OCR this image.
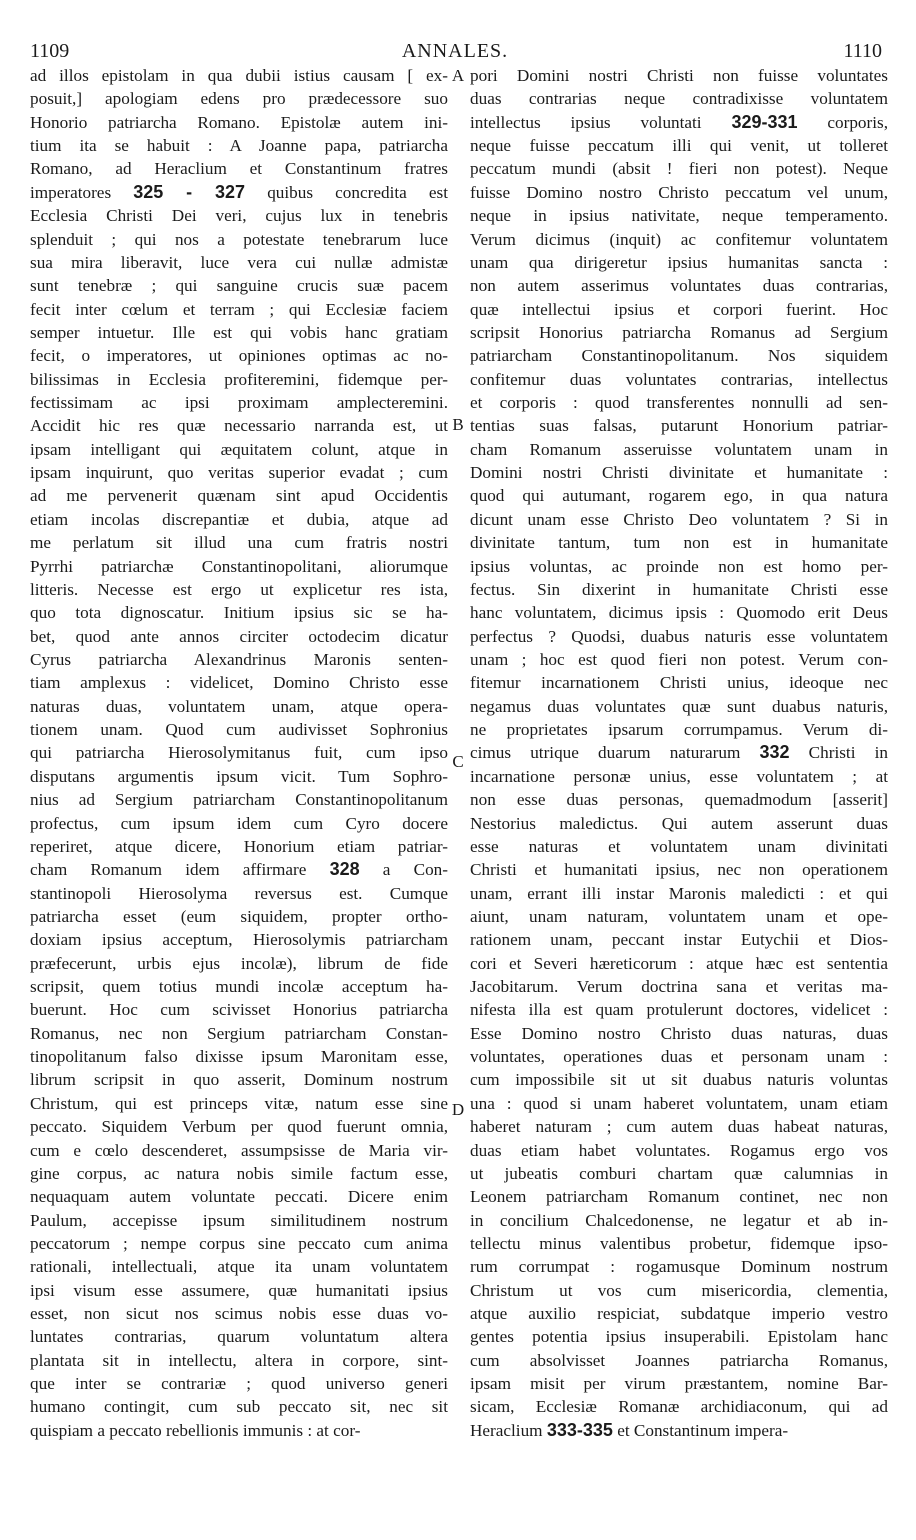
1109	ANNALES.	1110
ad illos epistolam in qua dubii istius causam [ ex-
posuit,] apologiam edens pro prædecessore suo
Honorio patriarcha Romano. Epistolæ autem ini-
tium ita se habuit : A Joanne papa, patriarcha
Romano, ad Heraclium et Constantinum fratres
imperatores 325 - 327 quibus concredita est
Ecclesia Christi Dei veri, cujus lux in tenebris
splenduit ; qui nos a potestate tenebrarum luce
sua mira liberavit, luce vera cui nullæ admistæ
sunt tenebræ ; qui sanguine crucis suæ pacem
fecit inter cœlum et terram ; qui Ecclesiæ faciem
semper intuetur. Ille est qui vobis hanc gratiam
fecit, o imperatores, ut opiniones optimas ac no-
bilissimas in Ecclesia profiteremini, fidemque per-
fectissimam ac ipsi proximam amplecteremini.
Accidit hic res quæ necessario narranda est, ut
ipsam intelligant qui æquitatem colunt, atque in
ipsam inquirunt, quo veritas superior evadat ; cum
ad me pervenerit quænam sint apud Occidentis
etiam incolas discrepantiæ et dubia, atque ad
me perlatum sit illud una cum fratris nostri
Pyrrhi patriarchæ Constantinopolitani, aliorumque
litteris. Necesse est ergo ut explicetur res ista,
quo tota dignoscatur. Initium ipsius sic se ha-
bet, quod ante annos circiter octodecim dicatur
Cyrus patriarcha Alexandrinus Maronis senten-
tiam amplexus : videlicet, Domino Christo esse
naturas duas, voluntatem unam, atque opera-
tionem unam. Quod cum audivisset Sophronius
qui patriarcha Hierosolymitanus fuit, cum ipso
disputans argumentis ipsum vicit. Tum Sophro-
nius ad Sergium patriarcham Constantinopolitanum
profectus, cum ipsum idem cum Cyro docere
reperiret, atque dicere, Honorium etiam patriar-
cham Romanum idem affirmare 328 a Con-
stantinopoli Hierosolyma reversus est. Cumque
patriarcha esset (eum siquidem, propter ortho-
doxiam ipsius acceptum, Hierosolymis patriarcham
præfecerunt, urbis ejus incolæ), librum de fide
scripsit, quem totius mundi incolæ acceptum ha-
buerunt. Hoc cum scivisset Honorius patriarcha
Romanus, nec non Sergium patriarcham Constan-
tinopolitanum falso dixisse ipsum Maronitam esse,
librum scripsit in quo asserit, Dominum nostrum
Christum, qui est princeps vitæ, natum esse sine
peccato. Siquidem Verbum per quod fuerunt omnia,
cum e cœlo descenderet, assumpsisse de Maria vir-
gine corpus, ac natura nobis simile factum esse,
nequaquam autem voluntate peccati. Dicere enim
Paulum, accepisse ipsum similitudinem nostrum
peccatorum ; nempe corpus sine peccato cum anima
rationali, intellectuali, atque ita unam voluntatem
ipsi visum esse assumere, quæ humanitati ipsius
esset, non sicut nos scimus nobis esse duas vo-
luntates contrarias, quarum voluntatum altera
plantata sit in intellectu, altera in corpore, sint-
que inter se contrariæ ; quod universo generi
humano contingit, cum sub peccato sit, nec sit
quispiam a peccato rebellionis immunis : at cor-
pori Domini nostri Christi non fuisse voluntates
duas contrarias neque contradixisse voluntatem
intellectus ipsius voluntati 329-331 corporis,
neque fuisse peccatum illi qui venit, ut tolleret
peccatum mundi (absit ! fieri non potest). Neque
fuisse Domino nostro Christo peccatum vel unum,
neque in ipsius nativitate, neque temperamento.
Verum dicimus (inquit) ac confitemur voluntatem
unam qua dirigeretur ipsius humanitas sancta :
non autem asserimus voluntates duas contrarias,
quæ intellectui ipsius et corpori fuerint. Hoc
scripsit Honorius patriarcha Romanus ad Sergium
patriarcham Constantinopolitanum. Nos siquidem
confitemur duas voluntates contrarias, intellectus
et corporis : quod transferentes nonnulli ad sen-
tentias suas falsas, putarunt Honorium patriar-
cham Romanum asseruisse voluntatem unam in
Domini nostri Christi divinitate et humanitate :
quod qui autumant, rogarem ego, in qua natura
dicunt unam esse Christo Deo voluntatem ? Si in
divinitate tantum, tum non est in humanitate
ipsius voluntas, ac proinde non est homo per-
fectus. Sin dixerint in humanitate Christi esse
hanc voluntatem, dicimus ipsis : Quomodo erit Deus
perfectus ? Quodsi, duabus naturis esse voluntatem
unam ; hoc est quod fieri non potest. Verum con-
fitemur incarnationem Christi unius, ideoque nec
negamus duas voluntates quæ sunt duabus naturis,
ne proprietates ipsarum corrumpamus. Verum di-
cimus utrique duarum naturarum 332 Christi in
incarnatione personæ unius, esse voluntatem ; at
non esse duas personas, quemadmodum [asserit]
Nestorius maledictus. Qui autem asserunt duas
esse naturas et voluntatem unam divinitati
Christi et humanitati ipsius, nec non operationem
unam, errant illi instar Maronis maledicti : et qui
aiunt, unam naturam, voluntatem unam et ope-
rationem unam, peccant instar Eutychii et Dios-
cori et Severi hæreticorum : atque hæc est sententia
Jacobitarum. Verum doctrina sana et veritas ma-
nifesta illa est quam protulerunt doctores, videlicet :
Esse Domino nostro Christo duas naturas, duas
voluntates, operationes duas et personam unam :
cum impossibile sit ut sit duabus naturis voluntas
una : quod si unam haberet voluntatem, unam etiam
haberet naturam ; cum autem duas habeat naturas,
duas etiam habet voluntates. Rogamus ergo vos
ut jubeatis comburi chartam quæ calumnias in
Leonem patriarcham Romanum continet, nec non
in concilium Chalcedonense, ne legatur et ab in-
tellectu minus valentibus probetur, fidemque ipso-
rum corrumpat : rogamusque Dominum nostrum
Christum ut vos cum misericordia, clementia,
atque auxilio respiciat, subdatque imperio vestro
gentes potentia ipsius insuperabili. Epistolam hanc
cum absolvisset Joannes patriarcha Romanus,
ipsam misit per virum præstantem, nomine Bar-
sicam, Ecclesiæ Romanæ archidiaconum, qui ad
Heraclium 333-335 et Constantinum impera-
A
B
C
D
